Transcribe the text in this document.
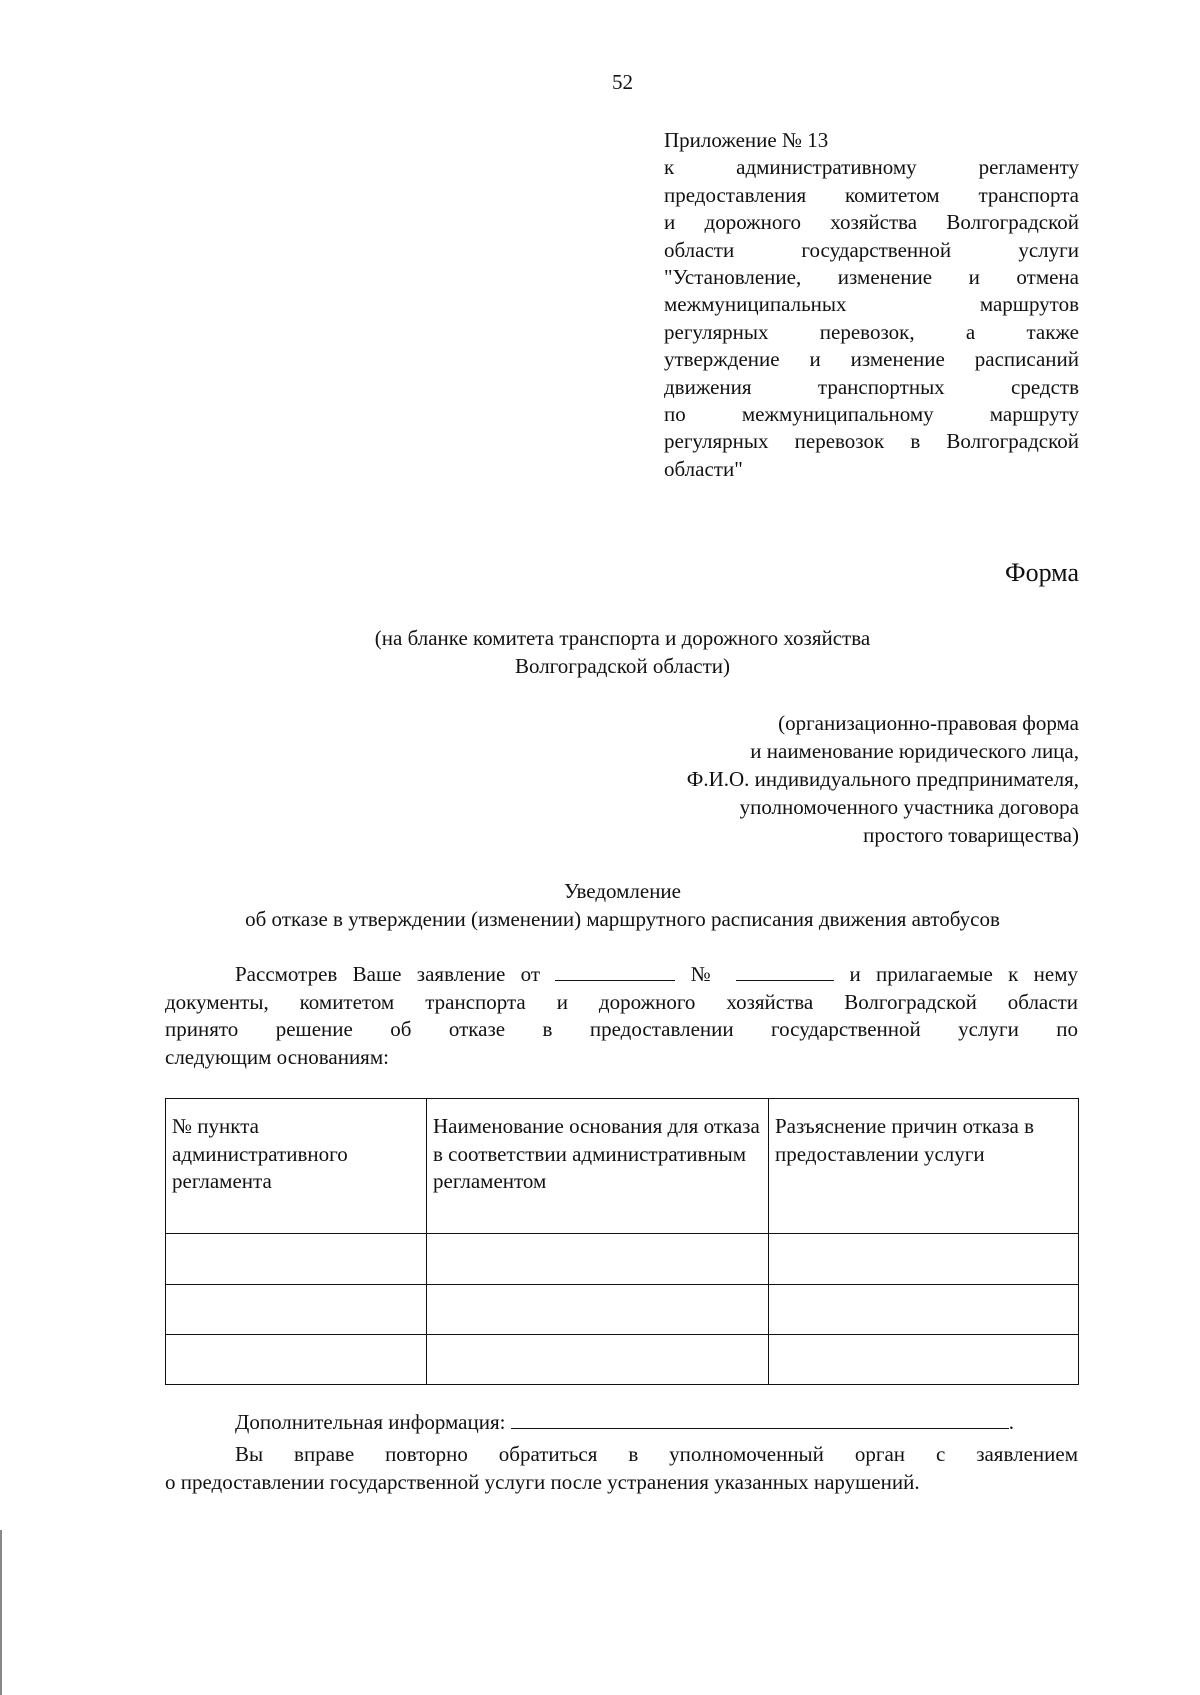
52
Приложение № 13
к административному регламенту
предоставления комитетом транспорта
и дорожного хозяйства Волгоградской
области государственной услуги
"Установление, изменение и отмена
межмуниципальных маршрутов
регулярных перевозок, а также
утверждение и изменение расписаний
движения транспортных средств
по межмуниципальному маршруту
регулярных перевозок в Волгоградской
области"
Форма
(на бланке комитета транспорта и дорожного хозяйства
Волгоградской области)
(организационно-правовая форма
и наименование юридического лица,
Ф.И.О. индивидуального предпринимателя,
уполномоченного участника договора
простого товарищества)
Уведомление
об отказе в утверждении (изменении) маршрутного расписания движения автобусов
Рассмотрев Ваше заявление от	№	и прилагаемые к нему
документы, комитетом транспорта и дорожного хозяйства Волгоградской области
принято решение об отказе в предоставлении государственной услуги по
следующим основаниям:
№ пункта административного регламента	Наименование основания для отказа в соответствии административным регламентом	Разъяснение причин отказа в предоставлении услуги

Дополнительная информация:	.
Вы вправе повторно обратиться в уполномоченный орган с заявлением
о предоставлении государственной услуги после устранения указанных нарушений.
